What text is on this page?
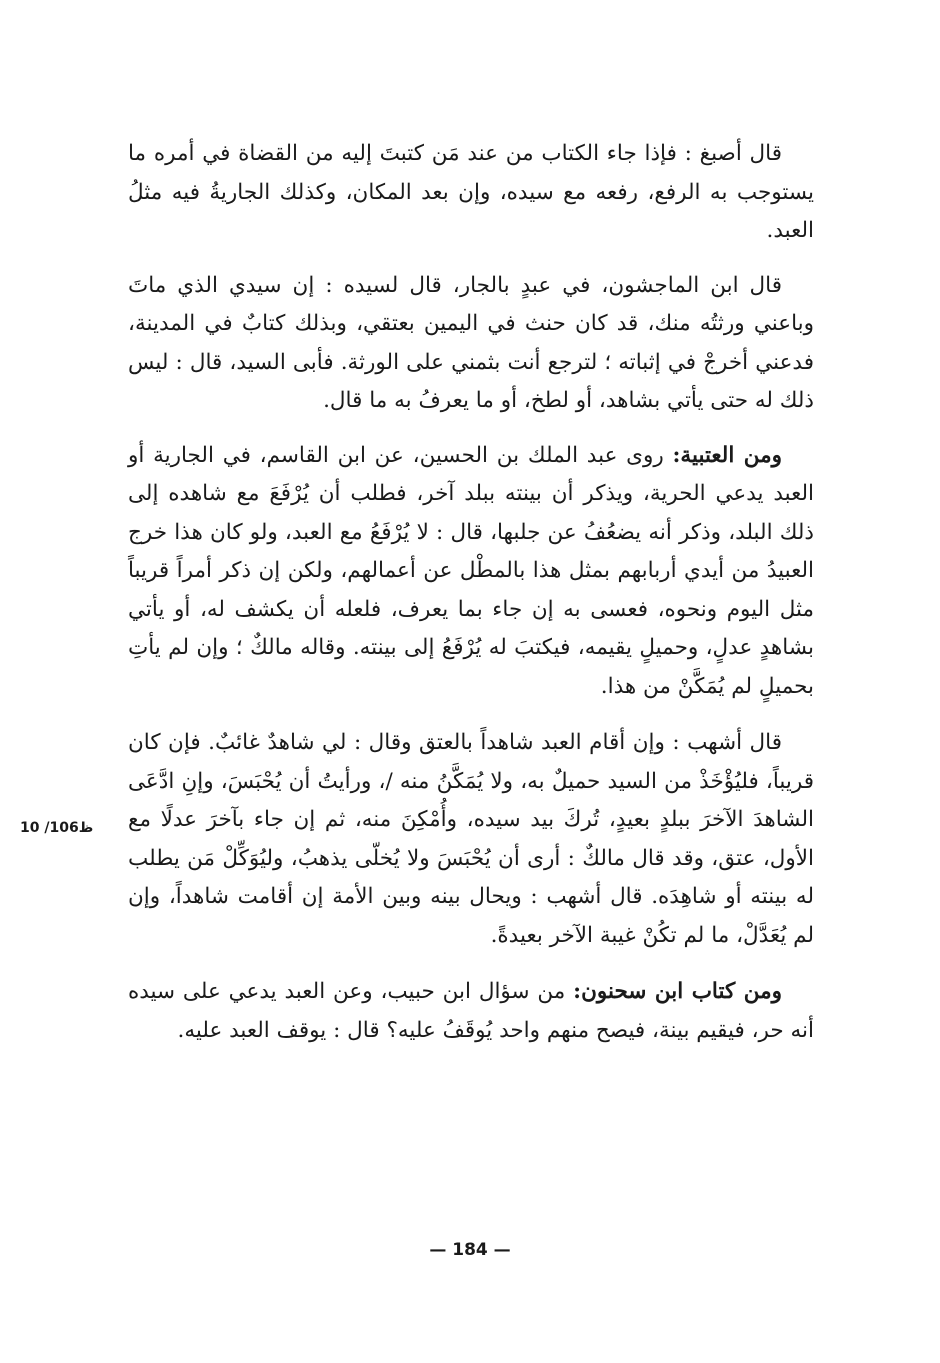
قال أصبغ : فإذا جاء الكتاب من عند مَن كتبتَ إليه من القضاة في أمره ما يستوجب به الرفع، رفعه مع سيده، وإن بعد المكان، وكذلك الجاريةُ فيه مثلُ العبد.

قال ابن الماجشون، في عبدٍ بالجار، قال لسيده : إن سيدي الذي ماتَ وباعني ورثتُه منك، قد كان حنث في اليمين بعتقي، وبذلك كتابٌ في المدينة، فدعني أخرجْ في إثباته ؛ لترجع أنت بثمني على الورثة. فأبى السيد، قال : ليس ذلك له حتى يأتي بشاهد، أو لطخ، أو ما يعرفُ به ما قال.

ومن العتبية: روى عبد الملك بن الحسين، عن ابن القاسم، في الجارية أو العبد يدعي الحرية، ويذكر أن بينته ببلد آخر، فطلب أن يُرْفَعَ مع شاهده إلى ذلك البلد، وذكر أنه يضعُفُ عن جلبها، قال : لا يُرْفَعُ مع العبد، ولو كان هذا خرج العبيدُ من أيدي أربابهم بمثل هذا بالمطْل عن أعمالهم، ولكن إن ذكر أمراً قريباً مثل اليوم ونحوه، فعسى به إن جاء بما يعرف، فلعله أن يكشف له، أو يأتي بشاهدٍ عدلٍ، وحميلٍ يقيمه، فيكتبَ له يُرْفَعُ إلى بينته. وقاله مالكٌ ؛ وإن لم يأتِ بحميلٍ لم يُمَكَّنْ من هذا.

قال أشهب : وإن أقام العبد شاهداً بالعتق وقال : لي شاهدٌ غائبٌ. فإن كان قريباً، فليُؤْخَذْ من السيد حميلٌ به، ولا يُمَكَّنُ منه /، ورأيتُ أن يُحْبَسَ، وإنِ ادَّعَى الشاهدَ الآخرَ ببلدٍ بعيدٍ، تُركَ بيد سيده، وأُمْكِنَ منه، ثم إن جاء بآخرَ عدلًا مع الأول، عتق، وقد قال مالكٌ : أرى أن يُحْبَسَ ولا يُخلّى يذهبُ، وليُوَكِّلْ مَن يطلب له بينته أو شاهِدَه. قال أشهب : ويحال بينه وبين الأمة إن أقامت شاهداً، وإن لم يُعَدَّلْ، ما لم تكُنْ غيبة الآخر بعيدةً.

ومن كتاب ابن سحنون: من سؤال ابن حبيب، وعن العبد يدعي على سيده أنه حر، فيقيم بينة، فيصح منهم واحد يُوقَفُ عليه؟ قال : يوقف العبد عليه.

10 /106ظ
— 184 —
